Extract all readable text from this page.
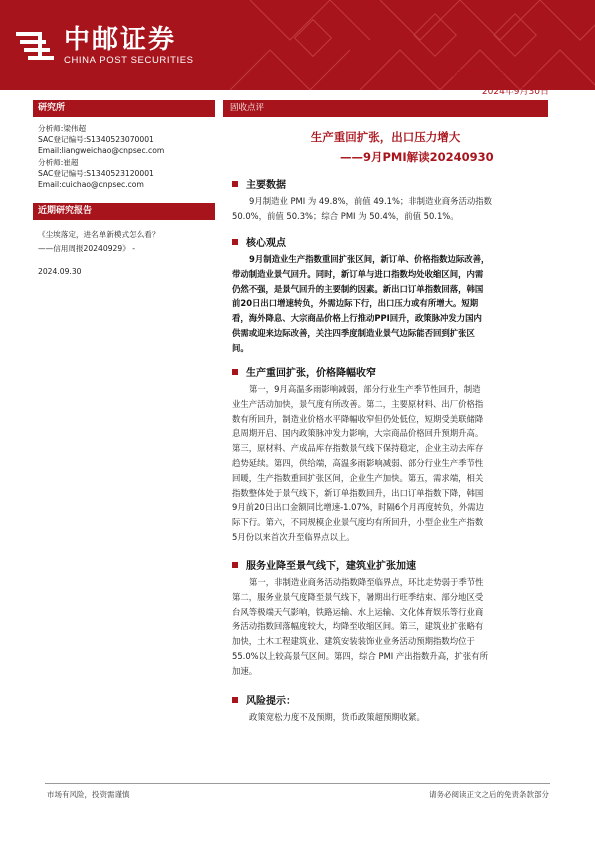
中邮证券
CHINA POST SECURITIES
证券研究报告：固定收益报告
2024年9月30日
研究所
分析师:梁伟超
SAC登记编号:S1340523070001
Email:liangweichao@cnpsec.com
分析师:崔超
SAC登记编号:S1340523120001
Email:cuichao@cnpsec.com
近期研究报告
《尘埃落定，进名单新模式怎么看？
——信用周报20240929》 -
2024.09.30
固收点评
生产重回扩张，出口压力增大
——9月PMI解读20240930
主要数据
9月制造业 PMI 为 49.8%，前值 49.1%；非制造业商务活动指数
50.0%，前值 50.3%；综合 PMI 为 50.4%，前值 50.1%。
核心观点
9月制造业生产指数重回扩张区间，新订单、价格指数边际改善，
带动制造业景气回升。同时，新订单与进口指数均处收缩区间，内需
仍然不强，是景气回升的主要制约因素。新出口订单指数回落，韩国
前20日出口增速转负，外需边际下行，出口压力或有所增大。短期
看，海外降息、大宗商品价格上行推动PPI回升，政策脉冲发力国内
供需或迎来边际改善，关注四季度制造业景气边际能否回到扩张区
间。
生产重回扩张，价格降幅收窄
第一，9月高温多雨影响减弱，部分行业生产季节性回升，制造
业生产活动加快，景气度有所改善。第二，主要原材料、出厂价格指
数有所回升，制造业价格水平降幅收窄但仍处低位，短期受美联储降
息周期开启、国内政策脉冲发力影响，大宗商品价格回升预期升高。
第三，原材料、产成品库存指数景气线下保持稳定，企业主动去库存
趋势延续。第四，供给端，高温多雨影响减弱、部分行业生产季节性
回暖，生产指数重回扩张区间，企业生产加快。第五，需求端，相关
指数整体处于景气线下，新订单指数回升，出口订单指数下降，韩国
9月前20日出口金额同比增速-1.07%，时隔6个月再度转负，外需边
际下行。第六，不同规模企业景气度均有所回升，小型企业生产指数
5月份以来首次升至临界点以上。
服务业降至景气线下，建筑业扩张加速
第一，非制造业商务活动指数降至临界点，环比走势弱于季节性
第二，服务业景气度降至景气线下，暑期出行旺季结束、部分地区受
台风等极端天气影响，铁路运输、水上运输、文化体育娱乐等行业商
务活动指数回落幅度较大，均降至收缩区间。第三，建筑业扩张略有
加快，土木工程建筑业、建筑安装装饰业业务活动预期指数均位于
55.0%以上较高景气区间。第四，综合 PMI 产出指数升高，扩张有所
加速。
风险提示：
政策宽松力度不及预期，货币政策超预期收紧。
市场有风险，投资需谨慎	请务必阅读正文之后的免责条款部分
